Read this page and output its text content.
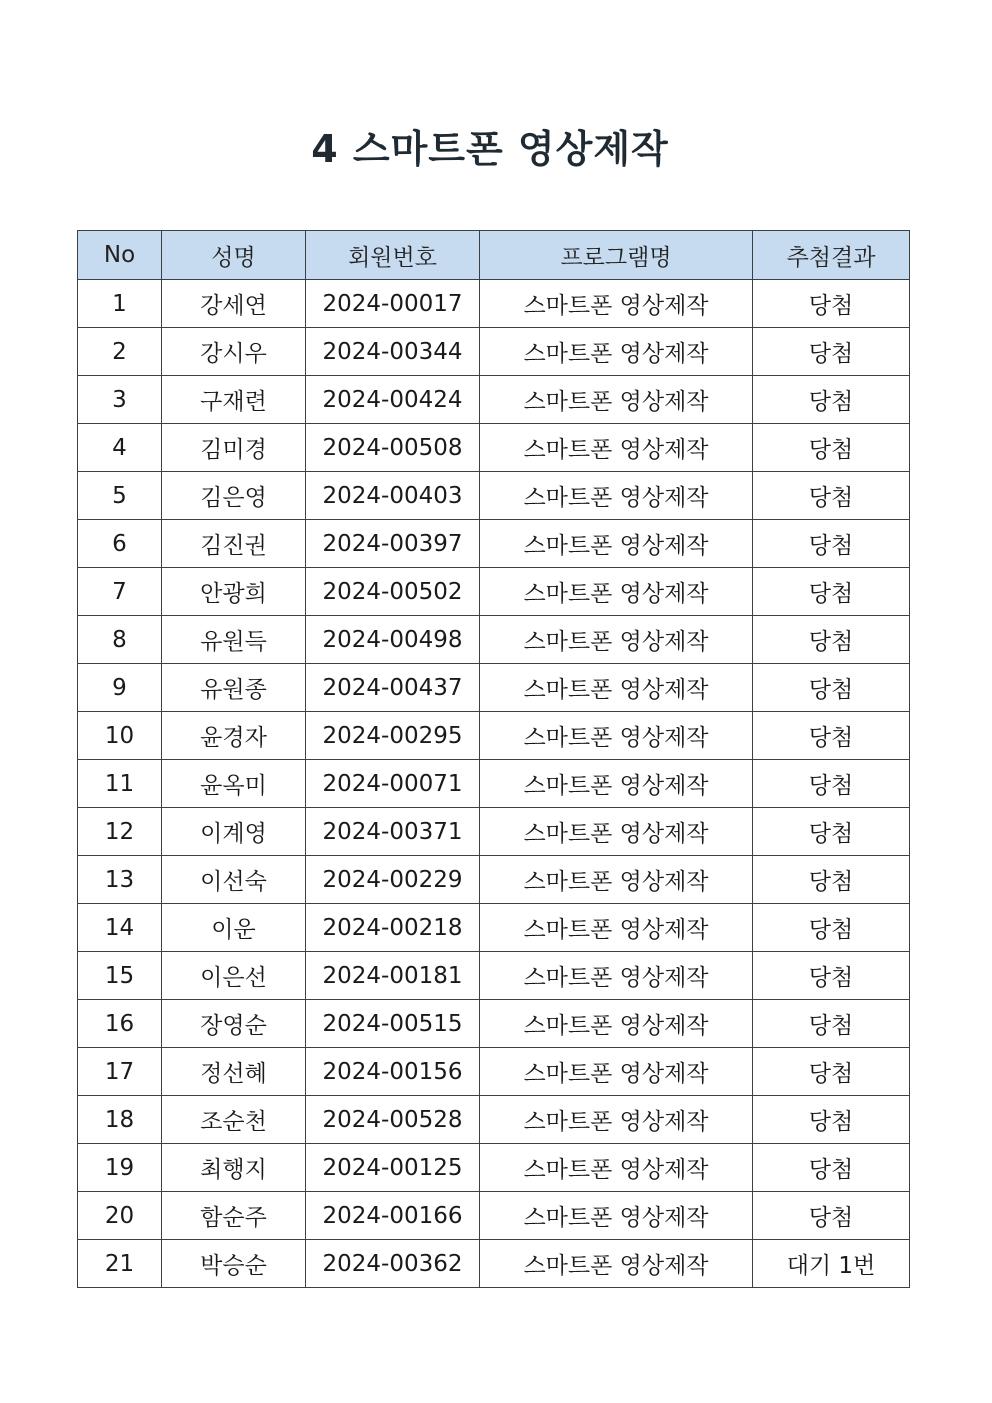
4 스마트폰 영상제작
No	성명	회원번호	프로그램명	추첨결과
1	강세연	2024-00017	스마트폰 영상제작	당첨
2	강시우	2024-00344	스마트폰 영상제작	당첨
3	구재련	2024-00424	스마트폰 영상제작	당첨
4	김미경	2024-00508	스마트폰 영상제작	당첨
5	김은영	2024-00403	스마트폰 영상제작	당첨
6	김진권	2024-00397	스마트폰 영상제작	당첨
7	안광희	2024-00502	스마트폰 영상제작	당첨
8	유원득	2024-00498	스마트폰 영상제작	당첨
9	유원종	2024-00437	스마트폰 영상제작	당첨
10	윤경자	2024-00295	스마트폰 영상제작	당첨
11	윤옥미	2024-00071	스마트폰 영상제작	당첨
12	이계영	2024-00371	스마트폰 영상제작	당첨
13	이선숙	2024-00229	스마트폰 영상제작	당첨
14	이운	2024-00218	스마트폰 영상제작	당첨
15	이은선	2024-00181	스마트폰 영상제작	당첨
16	장영순	2024-00515	스마트폰 영상제작	당첨
17	정선혜	2024-00156	스마트폰 영상제작	당첨
18	조순천	2024-00528	스마트폰 영상제작	당첨
19	최행지	2024-00125	스마트폰 영상제작	당첨
20	함순주	2024-00166	스마트폰 영상제작	당첨
21	박승순	2024-00362	스마트폰 영상제작	대기 1번
